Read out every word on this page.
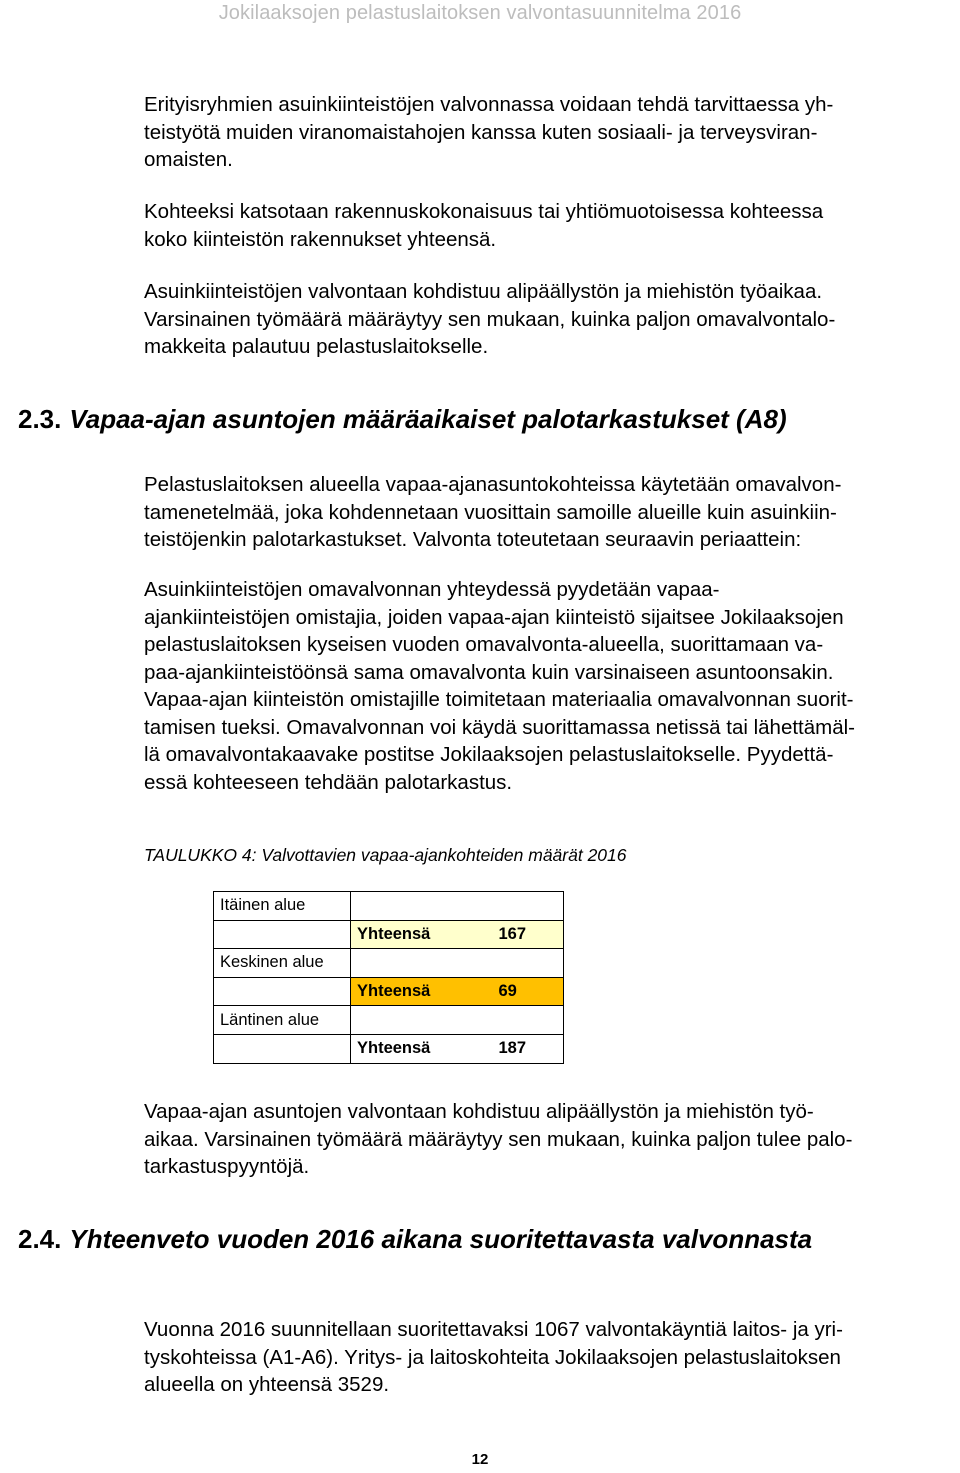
Jokilaaksojen pelastuslaitoksen valvontasuunnitelma 2016

Erityisryhmien asuinkiinteistöjen valvonnassa voidaan tehdä tarvittaessa yh-
teistyötä muiden viranomaistahojen kanssa kuten sosiaali- ja terveysviran-
omaisten.

Kohteeksi katsotaan rakennuskokonaisuus tai yhtiömuotoisessa kohteessa
koko kiinteistön rakennukset yhteensä.

Asuinkiinteistöjen valvontaan kohdistuu alipäällystön ja miehistön työaikaa.
Varsinainen työmäärä määräytyy sen mukaan, kuinka paljon omavalvontalo-
makkeita palautuu pelastuslaitokselle.

2.3. Vapaa-ajan asuntojen määräaikaiset palotarkastukset (A8)

Pelastuslaitoksen alueella vapaa-ajanasuntokohteissa käytetään omavalvon-
tamenetelmää, joka kohdennetaan vuosittain samoille alueille kuin asuinkiin-
teistöjenkin palotarkastukset. Valvonta toteutetaan seuraavin periaattein:

Asuinkiinteistöjen omavalvonnan yhteydessä pyydetään vapaa-
ajankiinteistöjen omistajia, joiden vapaa-ajan kiinteistö sijaitsee Jokilaaksojen
pelastuslaitoksen kyseisen vuoden omavalvonta-alueella, suorittamaan va-
paa-ajankiinteistöönsä sama omavalvonta kuin varsinaiseen asuntoonsakin.
Vapaa-ajan kiinteistön omistajille toimitetaan materiaalia omavalvonnan suorit-
tamisen tueksi. Omavalvonnan voi käydä suorittamassa netissä tai lähettämäl-
lä omavalvontakaavake postitse Jokilaaksojen pelastuslaitokselle. Pyydettä-
essä kohteeseen tehdään palotarkastus.

TAULUKKO 4: Valvottavien vapaa-ajankohteiden määrät 2016
Itäinen alue		
	Yhteensä	167
Keskinen alue		
	Yhteensä	69
Läntinen alue		
	Yhteensä	187

Vapaa-ajan asuntojen valvontaan kohdistuu alipäällystön ja miehistön työ-
aikaa. Varsinainen työmäärä määräytyy sen mukaan, kuinka paljon tulee palo-
tarkastuspyyntöjä.

2.4. Yhteenveto vuoden 2016 aikana suoritettavasta valvonnasta

Vuonna 2016 suunnitellaan suoritettavaksi 1067 valvontakäyntiä laitos- ja yri-
tyskohteissa (A1-A6). Yritys- ja laitoskohteita Jokilaaksojen pelastuslaitoksen
alueella on yhteensä 3529.

12
